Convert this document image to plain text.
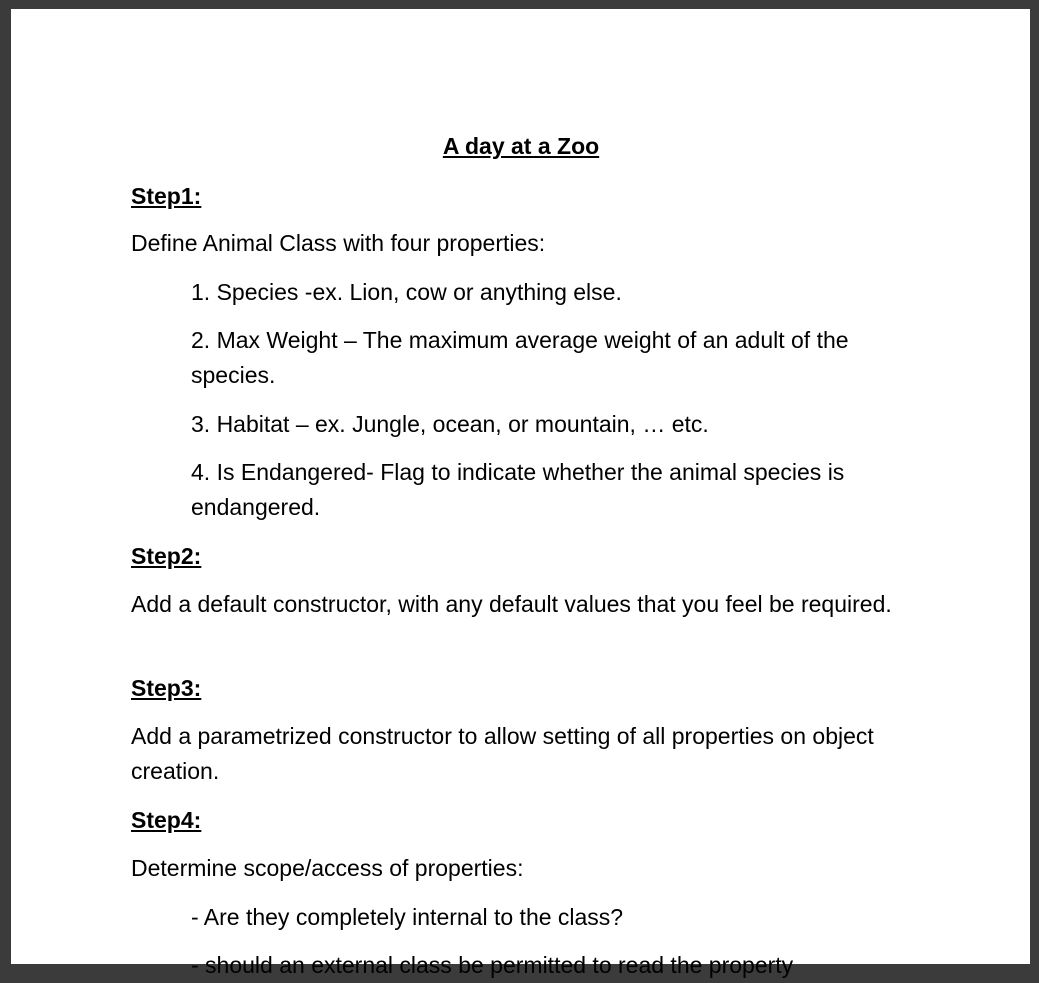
A day at a Zoo

Step1:

Define Animal Class with four properties:

1. Species -ex. Lion, cow or anything else.

2. Max Weight – The maximum average weight of an adult of the species.

3. Habitat – ex. Jungle, ocean, or mountain, … etc.

4. Is Endangered- Flag to indicate whether the animal species is endangered.

Step2:

Add a default constructor, with any default values that you feel be required.

Step3:

Add a parametrized constructor to allow setting of all properties on object creation.

Step4:

Determine scope/access of properties:

- Are they completely internal to the class?

- should an external class be permitted to read the property
